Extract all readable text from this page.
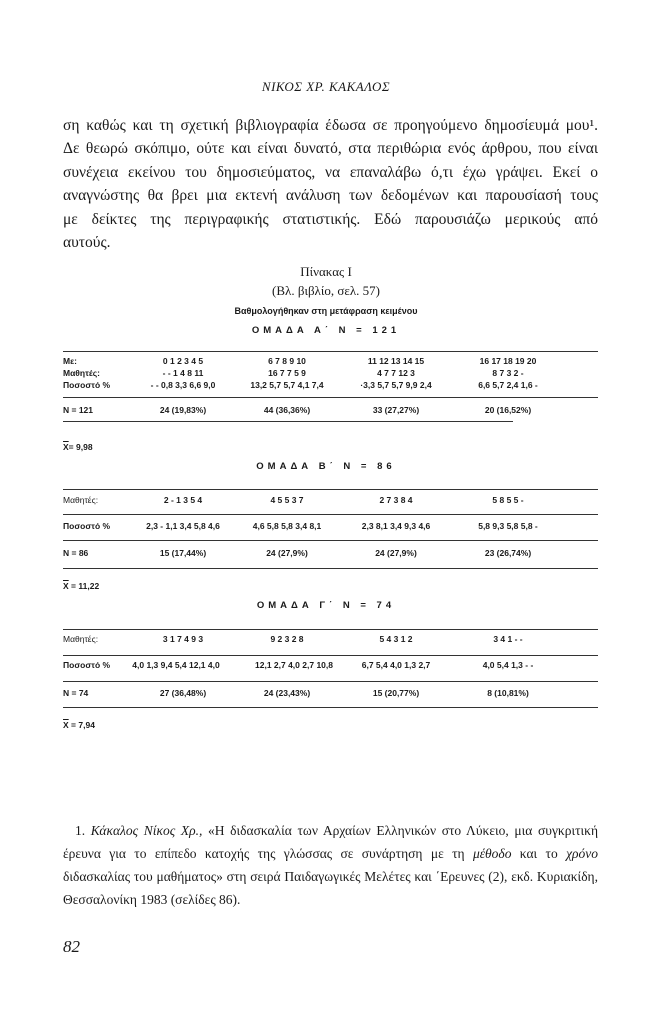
ΝΙΚΟΣ ΧΡ. ΚΑΚΑΛΟΣ
ση καθώς και τη σχετική βιβλιογραφία έδωσα σε προηγούμενο δημοσίευμά μου¹.
Δε θεωρώ σκόπιμο, ούτε και είναι δυνατό, στα περιθώρια ενός άρθρου, που είναι
συνέχεια εκείνου του δημοσιεύματος, να επαναλάβω ό,τι έχω γράψει. Εκεί ο
αναγνώστης θα βρει μια εκτενή ανάλυση των δεδομένων και παρουσίασή τους
με δείκτες της περιγραφικής στατιστικής. Εδώ παρουσιάζω μερικούς από
αυτούς.
Πίνακας I
(Βλ. βιβλίο, σελ. 57)
Βαθμολογήθηκαν στη μετάφραση κειμένου
ΟΜΑΔΑ Α΄ Ν = 121
Με:	0 1 2 3 4 5	6 7 8 9 10	11 12 13 14 15	16 17 18 19 20
Μαθητές:	- - 1 4 8 11	16 7 7 5 9	4 7 7 12 3	8 7 3 2 -
Ποσοστό %	- - 0,8 3,3 6,6 9,0	13,2 5,7 5,7 4,1 7,4	·3,3 5,7 5,7 9,9 2,4	6,6 5,7 2,4 1,6 -
Ν = 121	24 (19,83%)	44 (36,36%)	33 (27,27%)	20 (16,52%)
$\overline{X}= 9,98$
ΟΜΑΔΑ Β΄ Ν = 86
Μαθητές:	2 - 1 3 5 4	4 5 5 3 7	2 7 3 8 4	5 8 5 5 -
Ποσοστό %	2,3 - 1,1 3,4 5,8 4,6	4,6 5,8 5,8 3,4 8,1	2,3 8,1 3,4 9,3 4,6	5,8 9,3 5,8 5,8 -
Ν = 86	15 (17,44%)	24 (27,9%)	24 (27,9%)	23 (26,74%)
$\overline{X} = 11,22$
ΟΜΑΔΑ Γ΄ Ν = 74
Μαθητές:	3 1 7 4 9 3	9 2 3 2 8	5 4 3 1 2	3 4 1 - -
Ποσοστό %	4,0 1,3 9,4 5,4 12,1 4,0	12,1 2,7 4,0 2,7 10,8	6,7 5,4 4,0 1,3 2,7	4,0 5,4 1,3 - -
Ν = 74	27 (36,48%)	24 (23,43%)	15 (20,77%)	8 (10,81%)
$\overline{X} = 7,94$
1. Κάκαλος Νίκος Χρ., «Η διδασκαλία των Αρχαίων Ελληνικών στο Λύκειο, μια συγκριτική έρευνα για το επίπεδο κατοχής της γλώσσας σε συνάρτηση με τη μέθοδο και το χρόνο διδασκαλίας του μαθήματος» στη σειρά Παιδαγωγικές Μελέτες και ΄Ερευνες (2), εκδ. Κυριακίδη, Θεσσαλονίκη 1983 (σελίδες 86).
82
